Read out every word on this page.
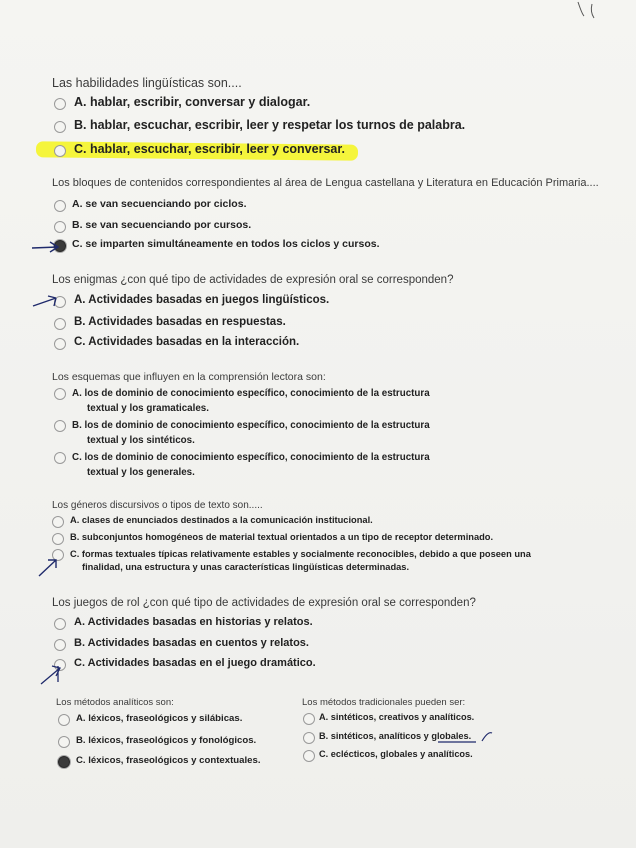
Las habilidades lingüísticas son....
A. hablar, escribir, conversar y dialogar.
B. hablar, escuchar, escribir, leer y respetar los turnos de palabra.
C. hablar, escuchar, escribir, leer y conversar.
Los bloques de contenidos correspondientes al área de Lengua castellana y Literatura en Educación Primaria....
A. se van secuenciando por ciclos.
B. se van secuenciando por cursos.
C. se imparten simultáneamente en todos los ciclos y cursos.
Los enigmas ¿con qué tipo de actividades de expresión oral se corresponden?
A. Actividades basadas en juegos lingüísticos.
B. Actividades basadas en respuestas.
C. Actividades basadas en la interacción.
Los esquemas que influyen en la comprensión lectora son:
A. los de dominio de conocimiento específico, conocimiento de la estructura
textual y los gramaticales.
B. los de dominio de conocimiento específico, conocimiento de la estructura
textual y los sintéticos.
C. los de dominio de conocimiento específico, conocimiento de la estructura
textual y los generales.
Los géneros discursivos o tipos de texto son.....
A. clases de enunciados destinados a la comunicación institucional.
B. subconjuntos homogéneos de material textual orientados a un tipo de receptor determinado.
C. formas textuales típicas relativamente estables y socialmente reconocibles, debido a que poseen una
finalidad, una estructura y unas características lingüísticas determinadas.
Los juegos de rol ¿con qué tipo de actividades de expresión oral se corresponden?
A. Actividades basadas en historias y relatos.
B. Actividades basadas en cuentos y relatos.
C. Actividades basadas en el juego dramático.
Los métodos analíticos son:
A. léxicos, fraseológicos y silábicas.
B. léxicos, fraseológicos y fonológicos.
C. léxicos, fraseológicos y contextuales.
Los métodos tradicionales pueden ser:
A. sintéticos, creativos y analíticos.
B. sintéticos, analíticos y globales.
C. eclécticos, globales y analíticos.
